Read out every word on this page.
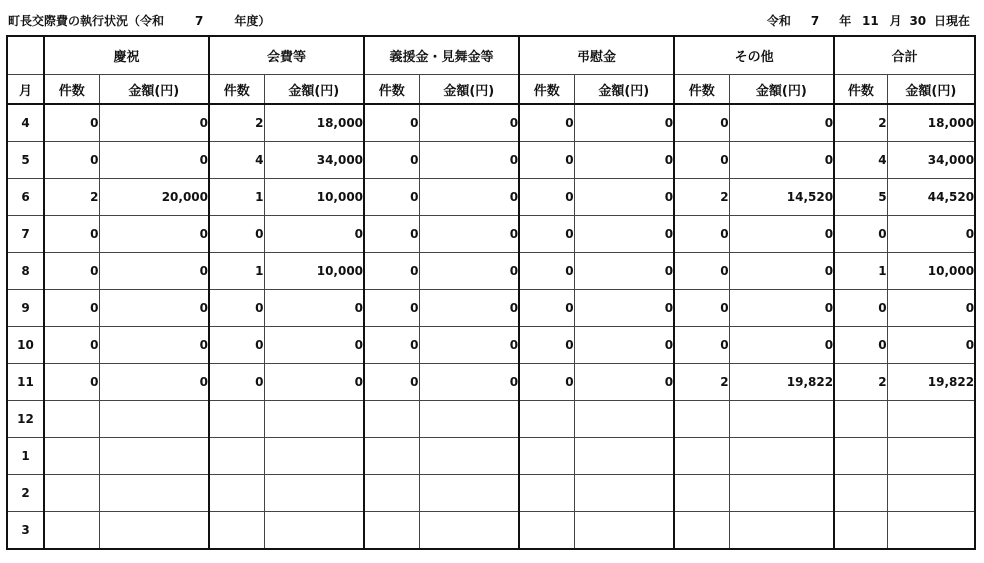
町長交際費の執行状況（令和	7	年度）	令和 7 年 11 月 30 日現在
	慶祝		会費等		義援金・見舞金等		弔慰金		その他		合計	
月	件数	金額(円)	件数	金額(円)	件数	金額(円)	件数	金額(円)	件数	金額(円)	件数	金額(円)
4	0	0	2	18,000	0	0	0	0	0	0	2	18,000
5	0	0	4	34,000	0	0	0	0	0	0	4	34,000
6	2	20,000	1	10,000	0	0	0	0	2	14,520	5	44,520
7	0	0	0	0	0	0	0	0	0	0	0	0
8	0	0	1	10,000	0	0	0	0	0	0	1	10,000
9	0	0	0	0	0	0	0	0	0	0	0	0
10	0	0	0	0	0	0	0	0	0	0	0	0
11	0	0	0	0	0	0	0	0	2	19,822	2	19,822
12												
1												
2												
3												
